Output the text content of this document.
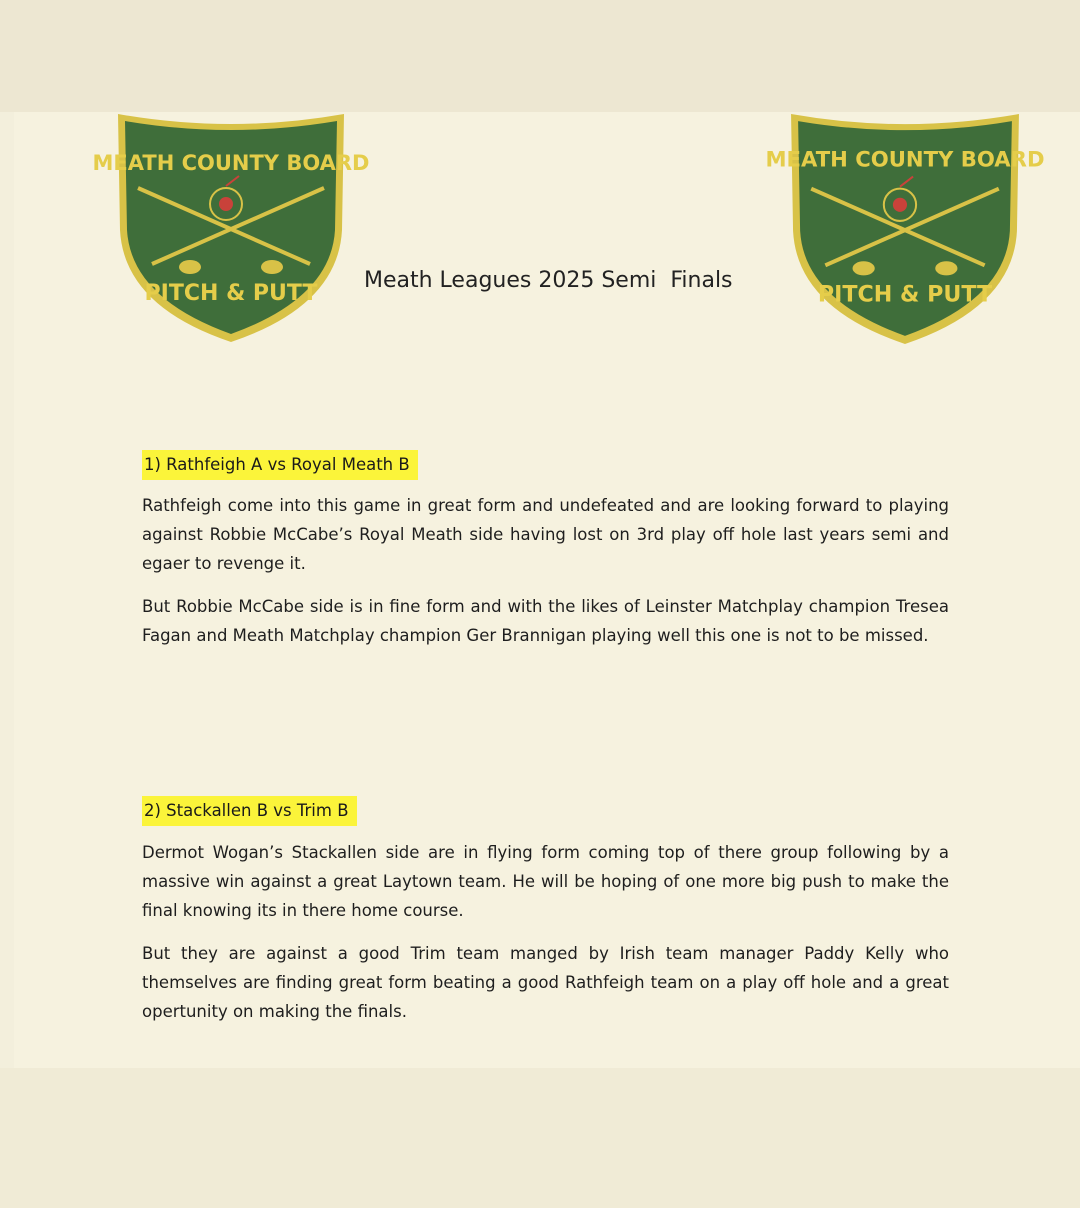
MEATH COUNTY BOARD
PITCH & PUTT
MEATH COUNTY BOARD
PITCH & PUTT
Meath Leagues 2025 Semi  Finals
1) Rathfeigh A vs Royal Meath B

Rathfeigh come into this game in great form and undefeated and are looking forward to playing against Robbie McCabe’s Royal Meath side having lost on 3rd play off hole last years semi and egaer to revenge it.

But Robbie McCabe side is in fine form and with the likes of Leinster Matchplay champion Tresea Fagan and Meath Matchplay champion Ger Brannigan playing well this one is not to be missed.

2) Stackallen B vs Trim B

Dermot Wogan’s Stackallen side are in flying form coming top of there group following by a massive win against a great Laytown team. He will be hoping of one more big push to make the final knowing its in there home course.

But they are against a good Trim team manged by Irish team manager Paddy Kelly who themselves are finding great form beating a good Rathfeigh team on a play off hole and a great opertunity on making the finals.
